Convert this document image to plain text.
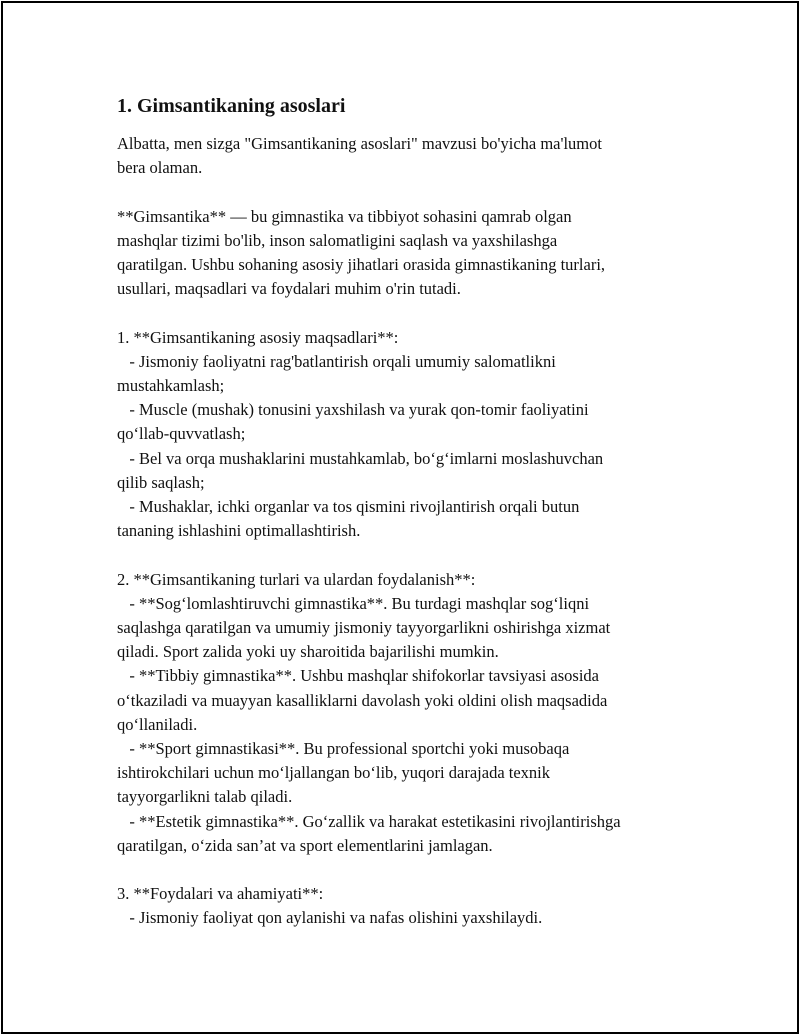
1. Gimsantikaning asoslari
Albatta, men sizga "Gimsantikaning asoslari" mavzusi bo'yicha ma'lumot
bera olaman.
**Gimsantika** — bu gimnastika va tibbiyot sohasini qamrab olgan
mashqlar tizimi bo'lib, inson salomatligini saqlash va yaxshilashga
qaratilgan. Ushbu sohaning asosiy jihatlari orasida gimnastikaning turlari,
usullari, maqsadlari va foydalari muhim o'rin tutadi.
1. **Gimsantikaning asosiy maqsadlari**:
- Jismoniy faoliyatni rag'batlantirish orqali umumiy salomatlikni
mustahkamlash;
- Muscle (mushak) tonusini yaxshilash va yurak qon-tomir faoliyatini
qo‘llab-quvvatlash;
- Bel va orqa mushaklarini mustahkamlab, bo‘g‘imlarni moslashuvchan
qilib saqlash;
- Mushaklar, ichki organlar va tos qismini rivojlantirish orqali butun
tananing ishlashini optimallashtirish.
2. **Gimsantikaning turlari va ulardan foydalanish**:
- **Sog‘lomlashtiruvchi gimnastika**. Bu turdagi mashqlar sog‘liqni
saqlashga qaratilgan va umumiy jismoniy tayyorgarlikni oshirishga xizmat
qiladi. Sport zalida yoki uy sharoitida bajarilishi mumkin.
- **Tibbiy gimnastika**. Ushbu mashqlar shifokorlar tavsiyasi asosida
o‘tkaziladi va muayyan kasalliklarni davolash yoki oldini olish maqsadida
qo‘llaniladi.
- **Sport gimnastikasi**. Bu professional sportchi yoki musobaqa
ishtirokchilari uchun mo‘ljallangan bo‘lib, yuqori darajada texnik
tayyorgarlikni talab qiladi.
- **Estetik gimnastika**. Go‘zallik va harakat estetikasini rivojlantirishga
qaratilgan, o‘zida san’at va sport elementlarini jamlagan.
3. **Foydalari va ahamiyati**:
- Jismoniy faoliyat qon aylanishi va nafas olishini yaxshilaydi.
